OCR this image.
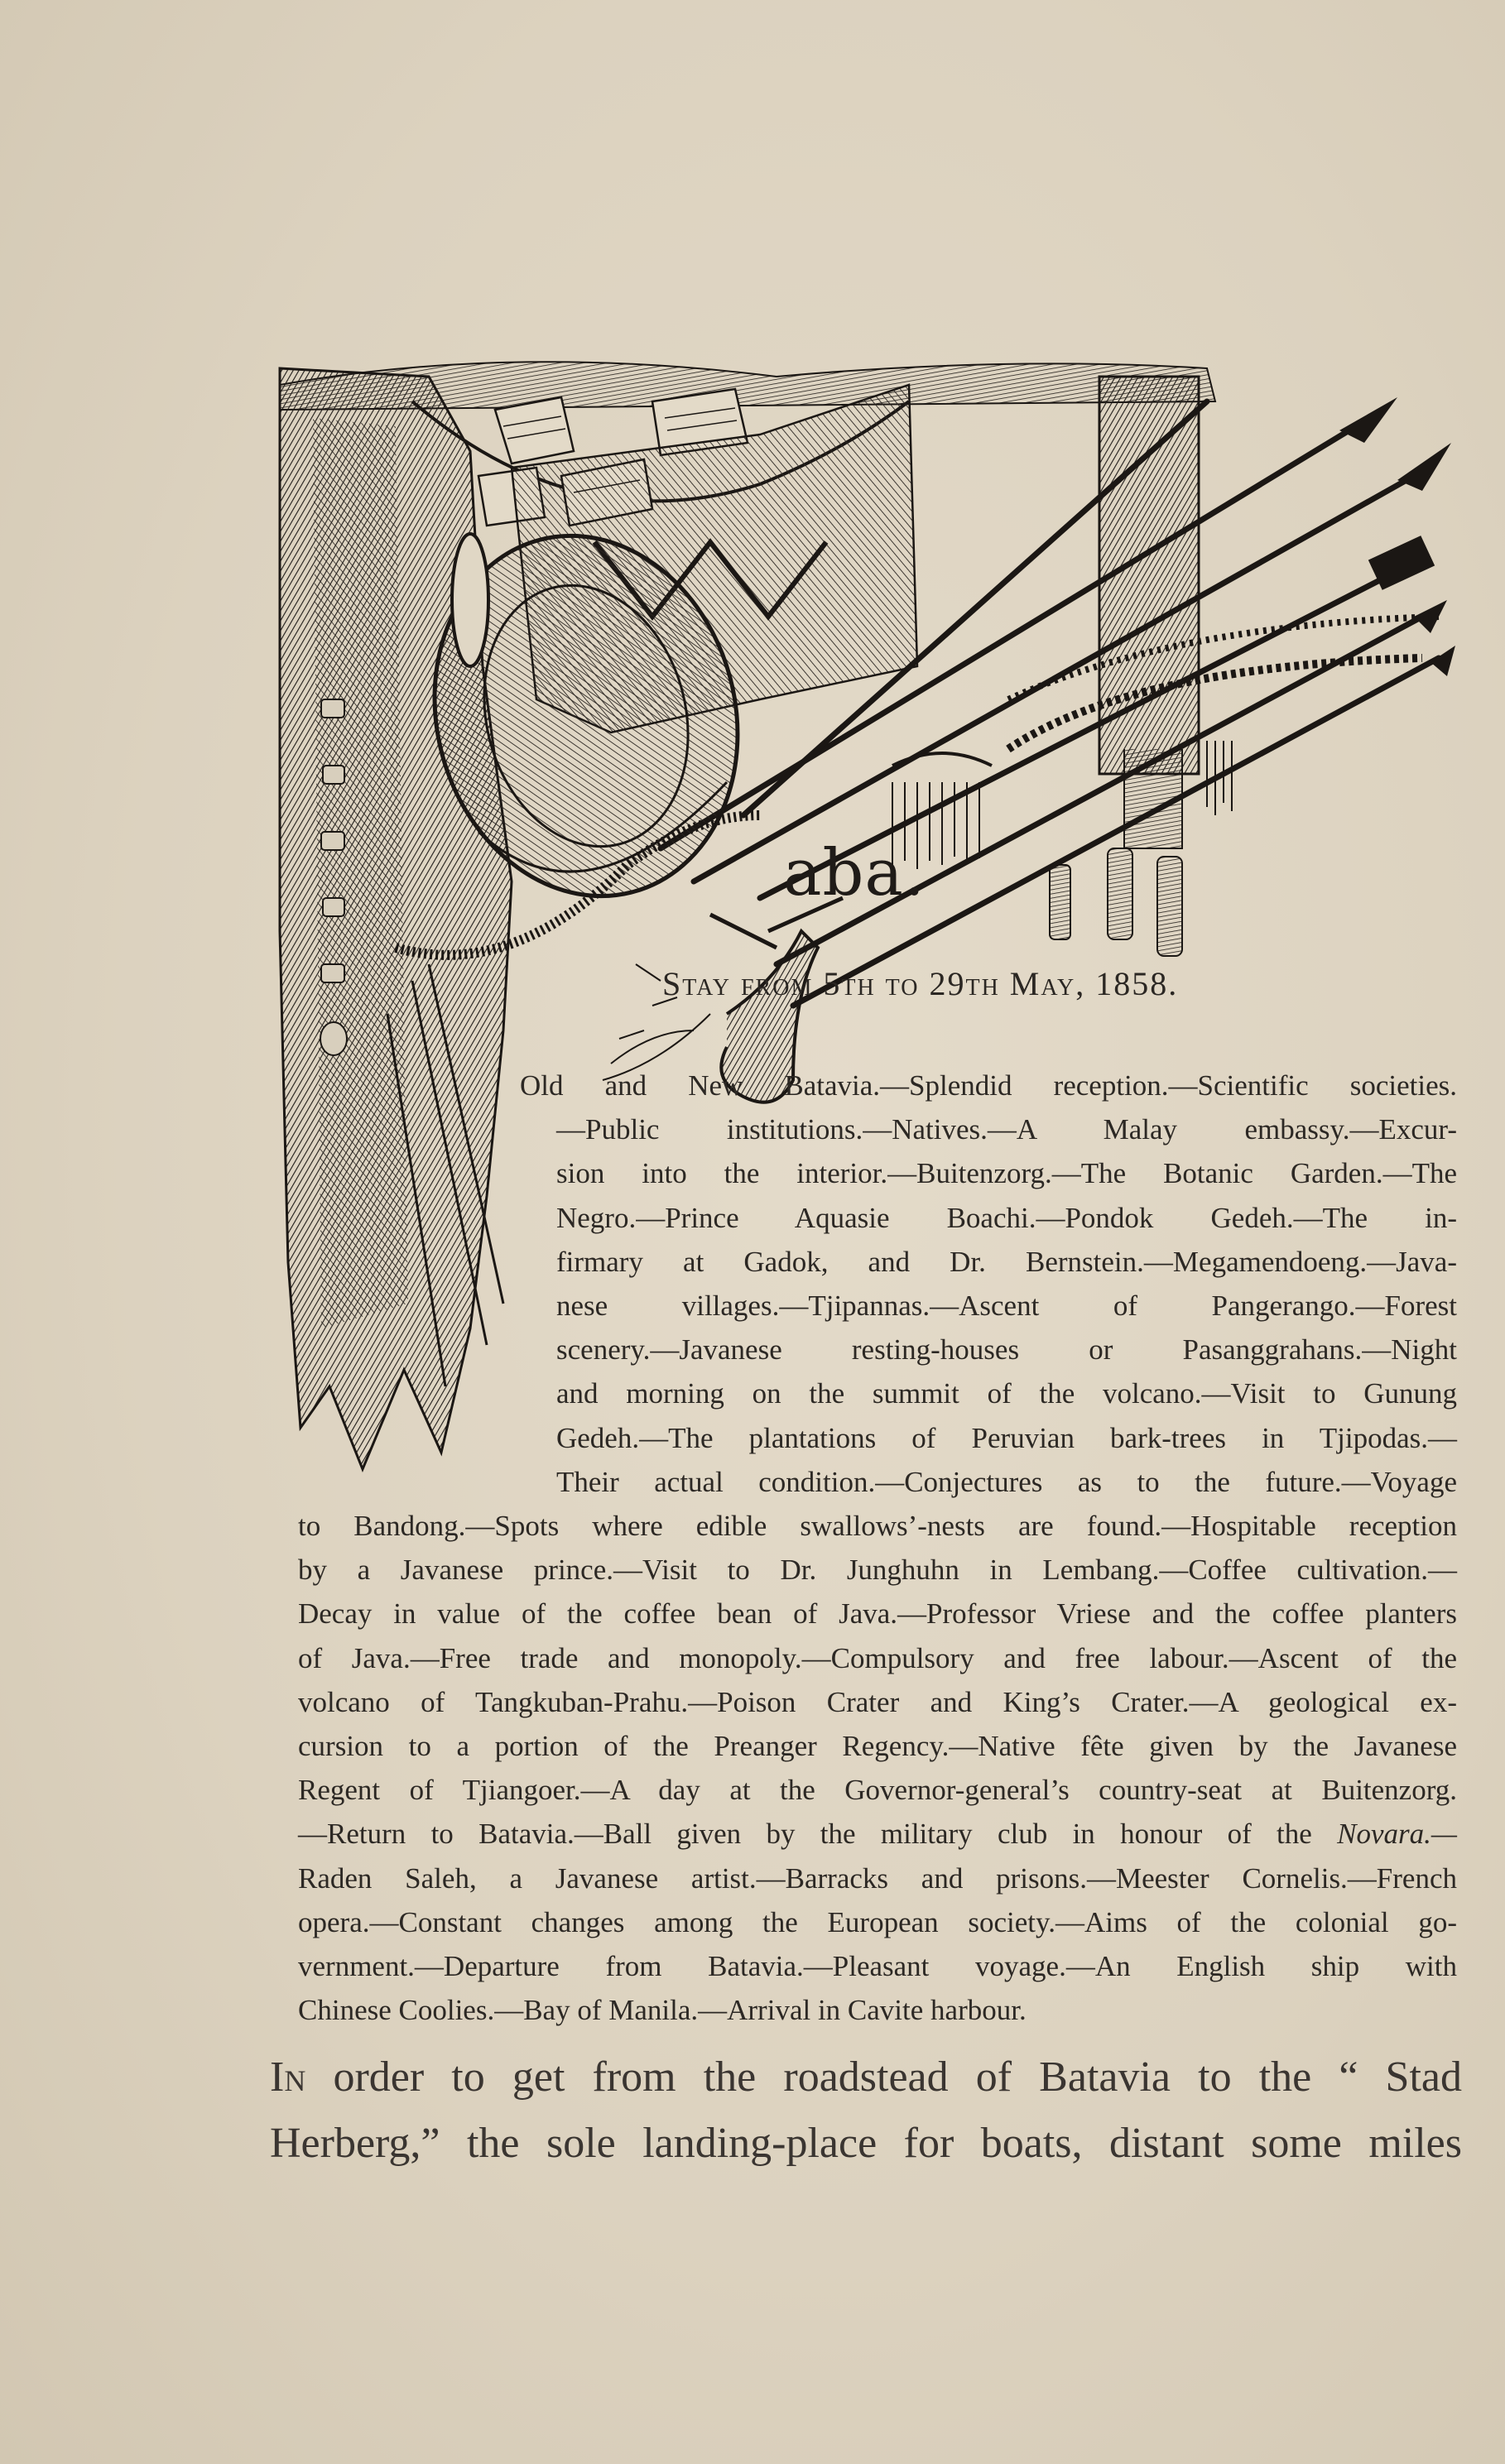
aba.
Stay from 5th to 29th May, 1858.
Old and New Batavia.—Splendid reception.—Scientific societies.
—Public institutions.—Natives.—A Malay embassy.—Excur-
sion into the interior.—Buitenzorg.—The Botanic Garden.—The
Negro.—Prince Aquasie Boachi.—Pondok Gedeh.—The in-
firmary at Gadok, and Dr. Bernstein.—Megamendoeng.—Java-
nese villages.—Tjipannas.—Ascent of Pangerango.—Forest
scenery.—Javanese resting-houses or Pasanggrahans.—Night
and morning on the summit of the volcano.—Visit to Gunung
Gedeh.—The plantations of Peruvian bark-trees in Tjipodas.—
Their actual condition.—Conjectures as to the future.—Voyage
to Bandong.—Spots where edible swallows’-nests are found.—Hospitable reception
by a Javanese prince.—Visit to Dr. Junghuhn in Lembang.—Coffee cultivation.—
Decay in value of the coffee bean of Java.—Professor Vriese and the coffee planters
of Java.—Free trade and monopoly.—Compulsory and free labour.—Ascent of the
volcano of Tangkuban-Prahu.—Poison Crater and King’s Crater.—A geological ex-
cursion to a portion of the Preanger Regency.—Native fête given by the Javanese
Regent of Tjiangoer.—A day at the Governor-general’s country-seat at Buitenzorg.
—Return to Batavia.—Ball given by the military club in honour of the Novara.—
Raden Saleh, a Javanese artist.—Barracks and prisons.—Meester Cornelis.—French
opera.—Constant changes among the European society.—Aims of the colonial go-
vernment.—Departure from Batavia.—Pleasant voyage.—An English ship with
Chinese Coolies.—Bay of Manila.—Arrival in Cavite harbour.
In order to get from the roadstead of Batavia to the “ Stad
Herberg,” the sole landing-place for boats, distant some miles
